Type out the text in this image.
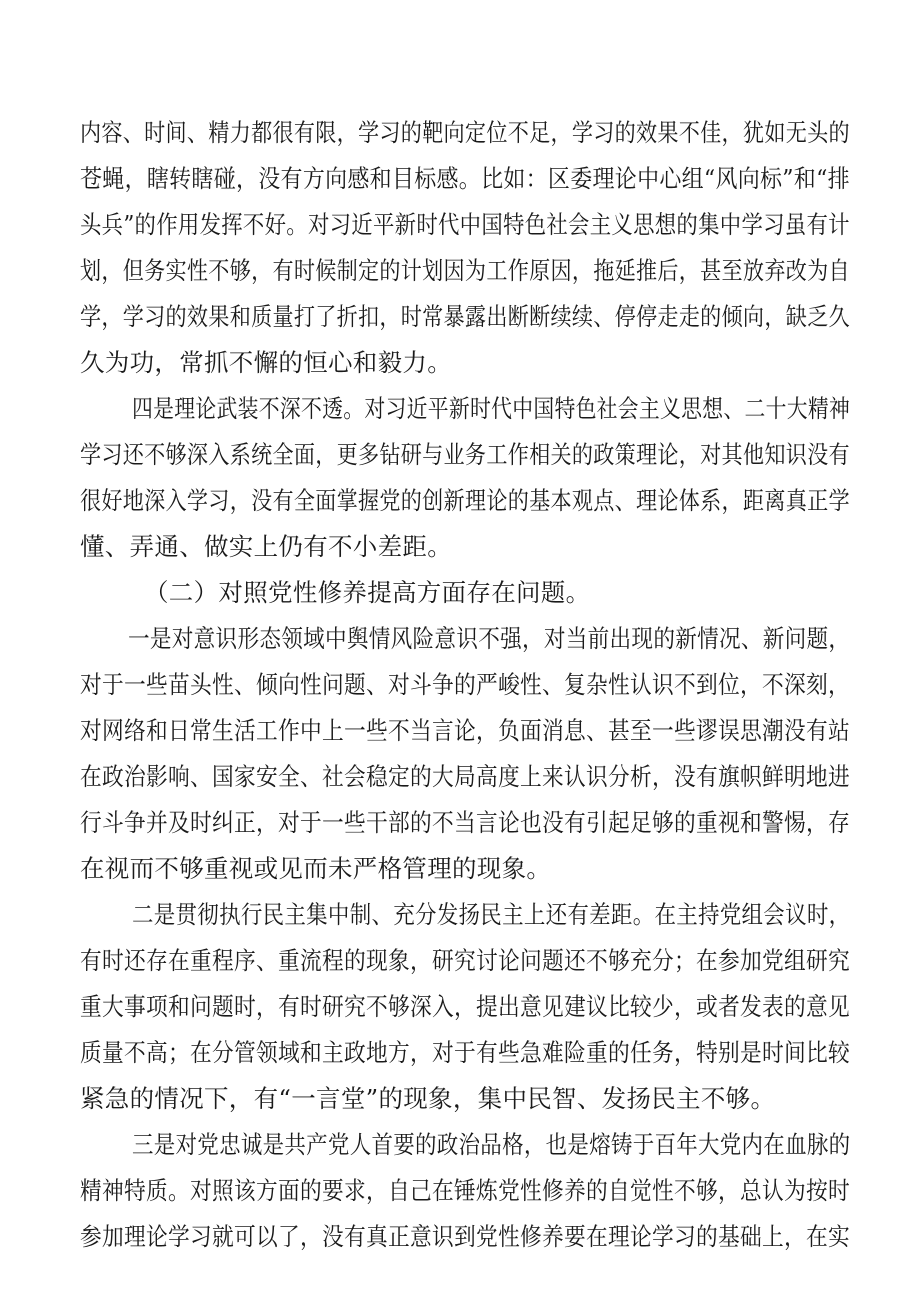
内容、时间、精力都很有限，学习的靶向定位不足，学习的效果不佳，犹如无头的
苍蝇，瞎转瞎碰，没有方向感和目标感。比如：区委理论中心组“风向标”和“排
头兵”的作用发挥不好。对习近平新时代中国特色社会主义思想的集中学习虽有计
划，但务实性不够，有时候制定的计划因为工作原因，拖延推后，甚至放弃改为自
学，学习的效果和质量打了折扣，时常暴露出断断续续、停停走走的倾向，缺乏久
久为功，常抓不懈的恒心和毅力。
四是理论武装不深不透。对习近平新时代中国特色社会主义思想、二十大精神
学习还不够深入系统全面，更多钻研与业务工作相关的政策理论，对其他知识没有
很好地深入学习，没有全面掌握党的创新理论的基本观点、理论体系，距离真正学
懂、弄通、做实上仍有不小差距。
（二）对照党性修养提高方面存在问题。
一是对意识形态领域中舆情风险意识不强，对当前出现的新情况、新问题，
对于一些苗头性、倾向性问题、对斗争的严峻性、复杂性认识不到位，不深刻，
对网络和日常生活工作中上一些不当言论，负面消息、甚至一些谬误思潮没有站
在政治影响、国家安全、社会稳定的大局高度上来认识分析，没有旗帜鲜明地进
行斗争并及时纠正，对于一些干部的不当言论也没有引起足够的重视和警惕，存
在视而不够重视或见而未严格管理的现象。
二是贯彻执行民主集中制、充分发扬民主上还有差距。在主持党组会议时，
有时还存在重程序、重流程的现象，研究讨论问题还不够充分；在参加党组研究
重大事项和问题时，有时研究不够深入，提出意见建议比较少，或者发表的意见
质量不高；在分管领域和主政地方，对于有些急难险重的任务，特别是时间比较
紧急的情况下，有“一言堂”的现象，集中民智、发扬民主不够。
三是对党忠诚是共产党人首要的政治品格，也是熔铸于百年大党内在血脉的
精神特质。对照该方面的要求，自己在锤炼党性修养的自觉性不够，总认为按时
参加理论学习就可以了，没有真正意识到党性修养要在理论学习的基础上，在实
